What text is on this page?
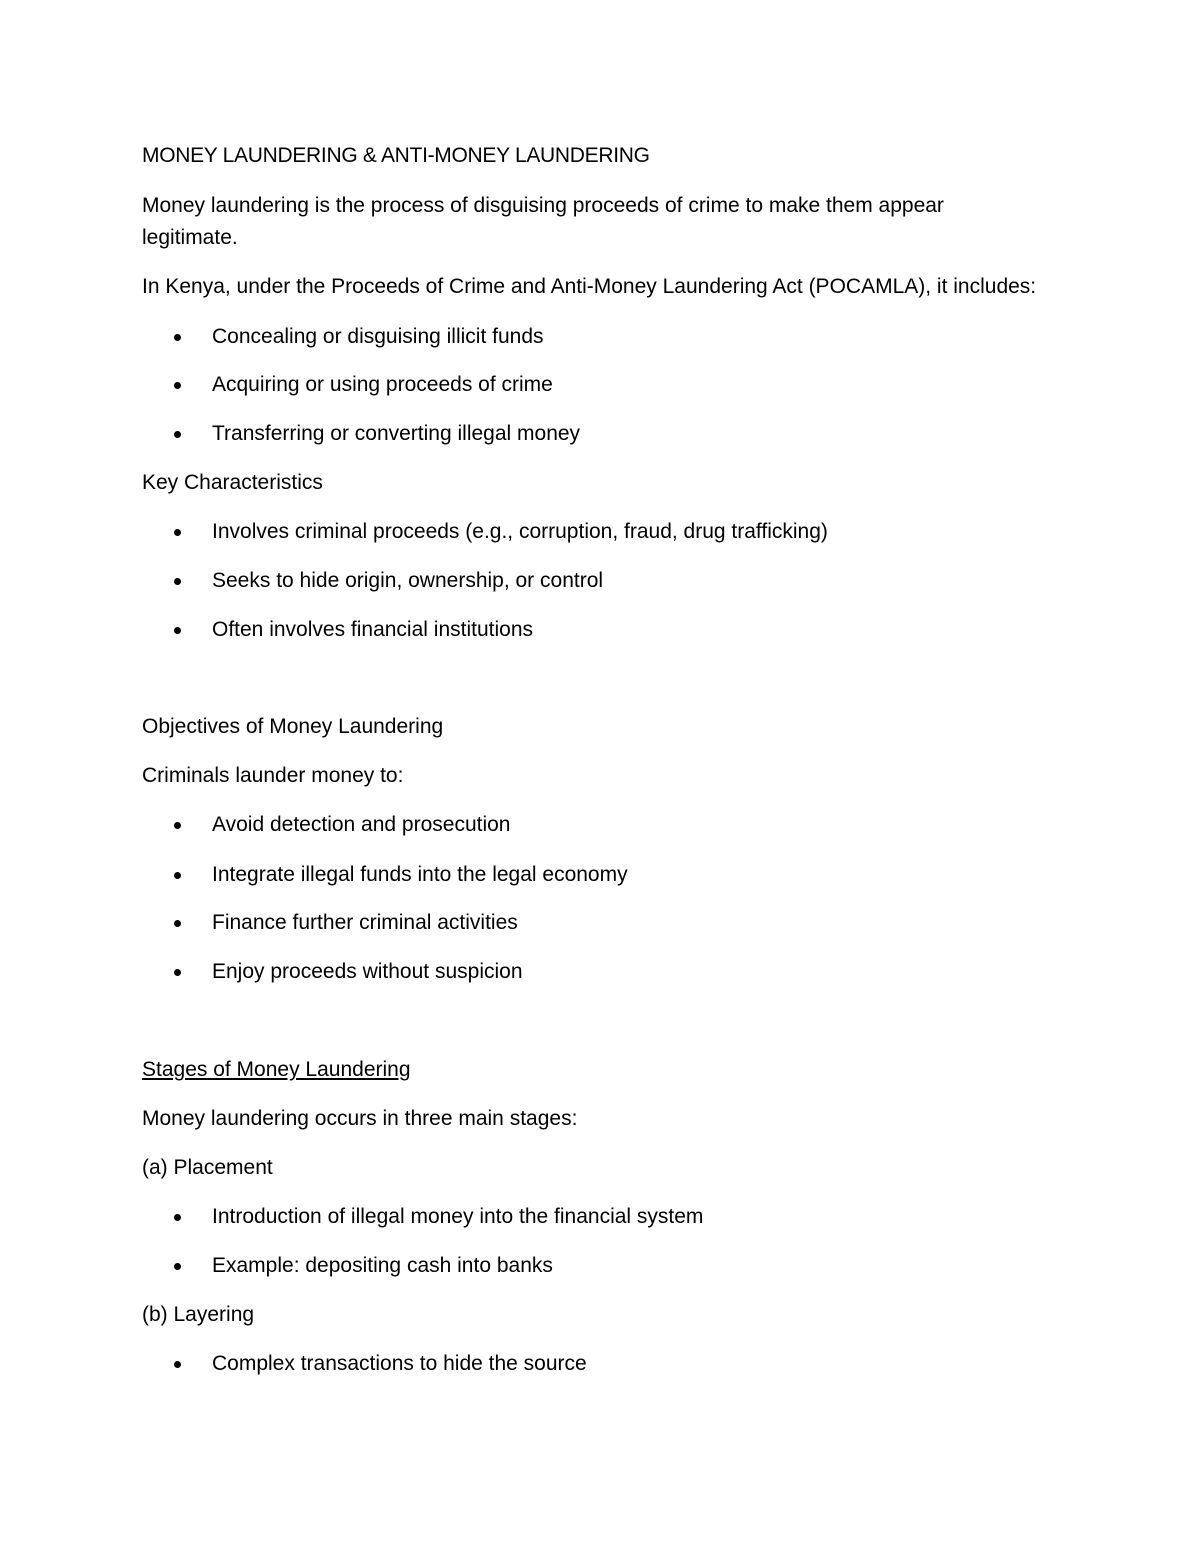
MONEY LAUNDERING & ANTI-MONEY LAUNDERING

Money laundering is the process of disguising proceeds of crime to make them appear legitimate.

In Kenya, under the Proceeds of Crime and Anti-Money Laundering Act (POCAMLA), it includes:

Concealing or disguising illicit funds
Acquiring or using proceeds of crime
Transferring or converting illegal money

Key Characteristics

Involves criminal proceeds (e.g., corruption, fraud, drug trafficking)
Seeks to hide origin, ownership, or control
Often involves financial institutions

Objectives of Money Laundering

Criminals launder money to:

Avoid detection and prosecution
Integrate illegal funds into the legal economy
Finance further criminal activities
Enjoy proceeds without suspicion

Stages of Money Laundering

Money laundering occurs in three main stages:

(a) Placement

Introduction of illegal money into the financial system
Example: depositing cash into banks

(b) Layering

Complex transactions to hide the source
